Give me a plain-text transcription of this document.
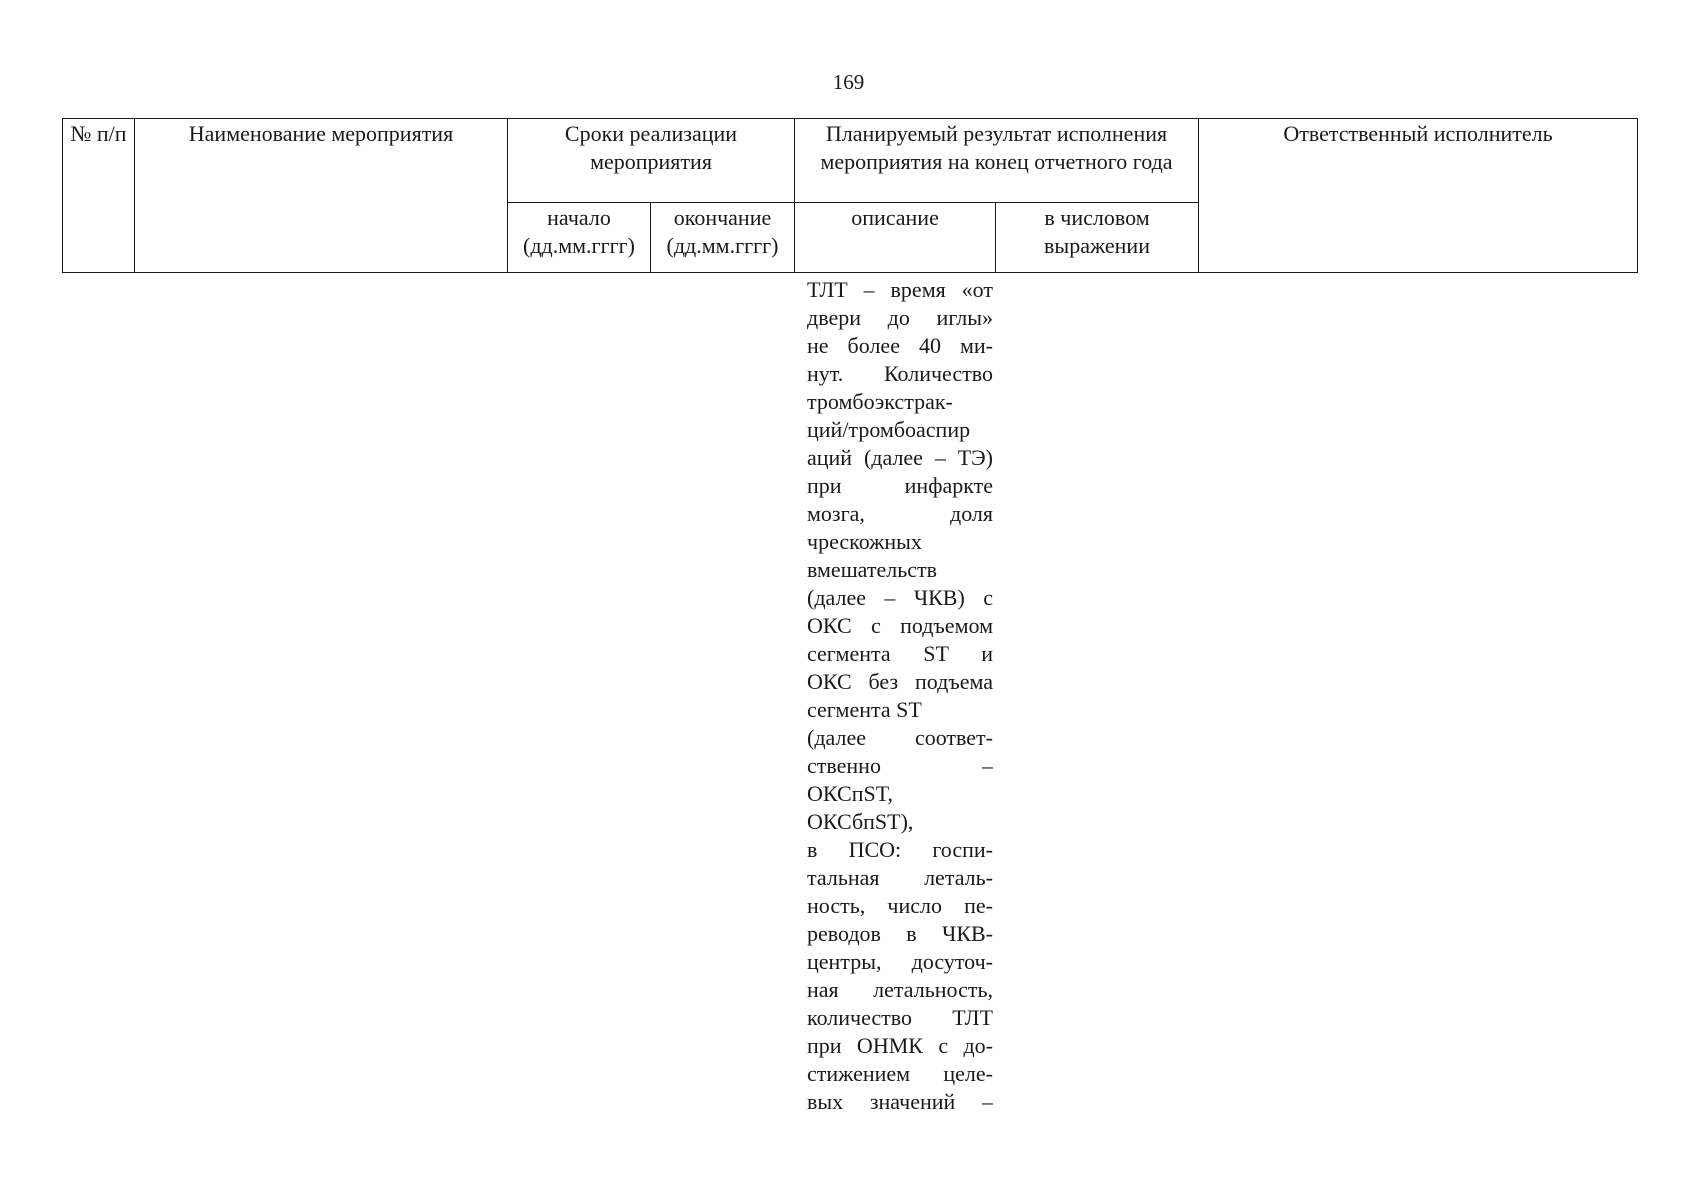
169
№ п/п	Наименование мероприятия	Сроки реализации мероприятия		Планируемый результат исполнения мероприятия на конец отчетного года		Ответственный исполнитель
		начало (дд.мм.гггг)	окончание (дд.мм.гггг)	описание	в числовом выражении	
ТЛТ – время «от
двери до иглы»
не более 40 ми-
нут. Количество
тромбоэкстрак-
ций/тромбоаспир
аций (далее – ТЭ)
при инфаркте
мозга, доля
чрескожных
вмешательств
(далее – ЧКВ) с
ОКС с подъемом
сегмента ST и
ОКС без подъема
сегмента ST
(далее соответ-
ственно –
ОКСпST,
ОКСбпST),
в ПСО: госпи-
тальная леталь-
ность, число пе-
реводов в ЧКВ-
центры, досуточ-
ная летальность,
количество ТЛТ
при ОНМК с до-
стижением целе-
вых значений –
